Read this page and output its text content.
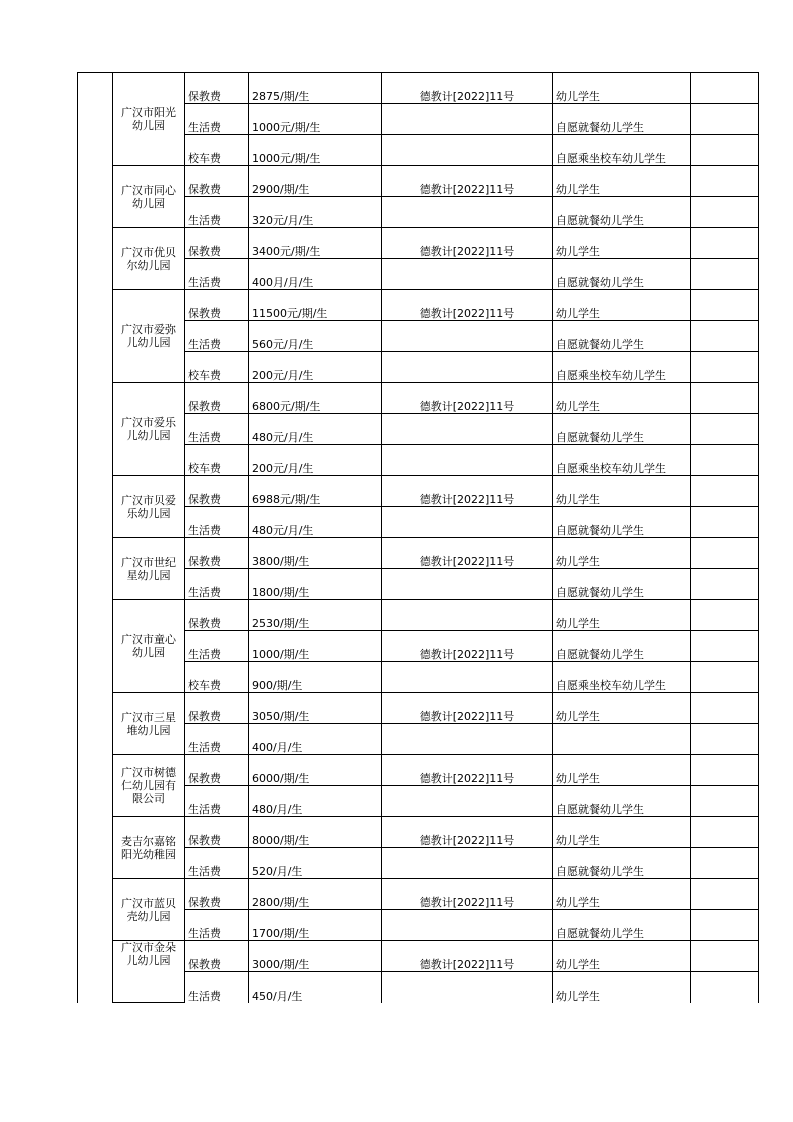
	广汉市阳光幼儿园	保教费	2875/期/生	德教计[2022]11号	幼儿学生	
		生活费	1000元/期/生		自愿就餐幼儿学生	
		校车费	1000元/期/生		自愿乘坐校车幼儿学生	
	广汉市同心幼儿园	保教费	2900/期/生	德教计[2022]11号	幼儿学生	
		生活费	320元/月/生		自愿就餐幼儿学生	
	广汉市优贝尔幼儿园	保教费	3400元/期/生	德教计[2022]11号	幼儿学生	
		生活费	400月/月/生		自愿就餐幼儿学生	
	广汉市爱弥儿幼儿园	保教费	11500元/期/生	德教计[2022]11号	幼儿学生	
		生活费	560元/月/生		自愿就餐幼儿学生	
		校车费	200元/月/生		自愿乘坐校车幼儿学生	
	广汉市爱乐儿幼儿园	保教费	6800元/期/生	德教计[2022]11号	幼儿学生	
		生活费	480元/月/生		自愿就餐幼儿学生	
		校车费	200元/月/生		自愿乘坐校车幼儿学生	
	广汉市贝爱乐幼儿园	保教费	6988元/期/生	德教计[2022]11号	幼儿学生	
		生活费	480元/月/生		自愿就餐幼儿学生	
	广汉市世纪星幼儿园	保教费	3800/期/生	德教计[2022]11号	幼儿学生	
		生活费	1800/期/生		自愿就餐幼儿学生	
	广汉市童心幼儿园	保教费	2530/期/生		幼儿学生	
		生活费	1000/期/生	德教计[2022]11号	自愿就餐幼儿学生	
		校车费	900/期/生		自愿乘坐校车幼儿学生	
	广汉市三星堆幼儿园	保教费	3050/期/生	德教计[2022]11号	幼儿学生	
		生活费	400/月/生			
	广汉市树德仁幼儿园有限公司	保教费	6000/期/生	德教计[2022]11号	幼儿学生	
		生活费	480/月/生		自愿就餐幼儿学生	
	麦吉尔嘉铭阳光幼稚园	保教费	8000/期/生	德教计[2022]11号	幼儿学生	
		生活费	520/月/生		自愿就餐幼儿学生	
	广汉市蓝贝壳幼儿园	保教费	2800/期/生	德教计[2022]11号	幼儿学生	
		生活费	1700/期/生		自愿就餐幼儿学生	
	广汉市金朵儿幼儿园	保教费	3000/期/生	德教计[2022]11号	幼儿学生	
		生活费	450/月/生		幼儿学生	
